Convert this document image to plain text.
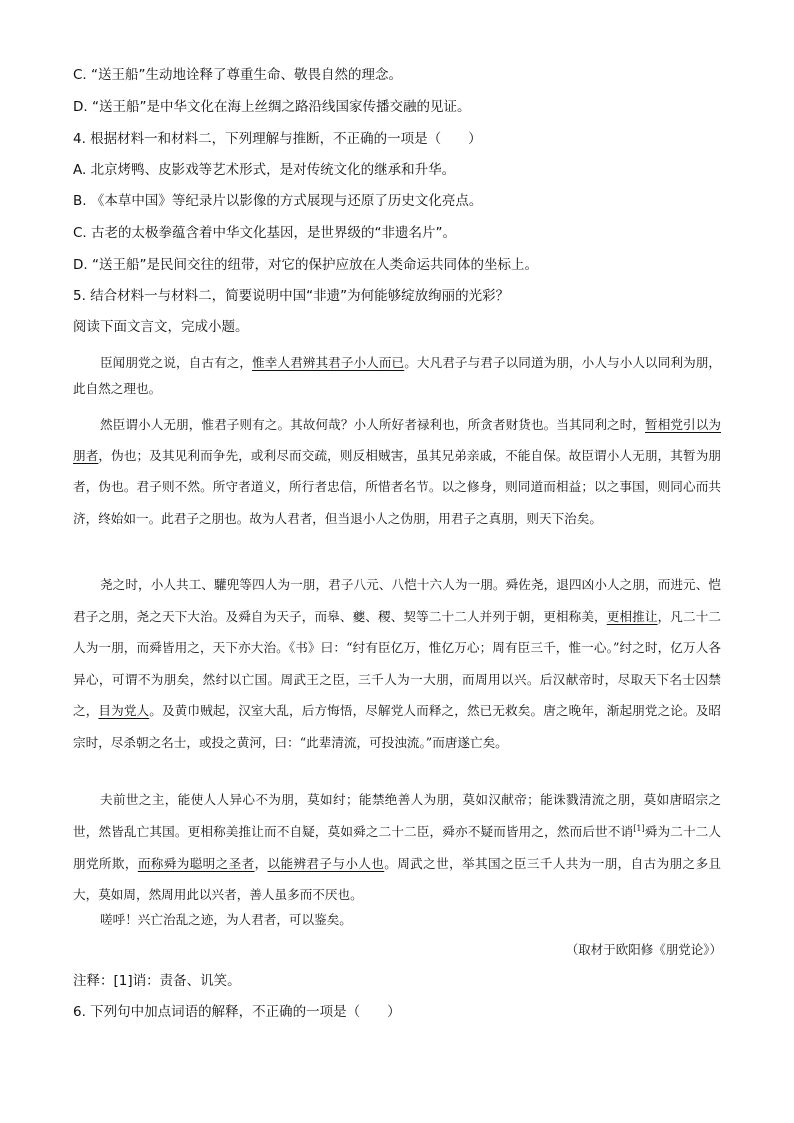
C. “送王船”生动地诠释了尊重生命、敬畏自然的理念。
D. “送王船”是中华文化在海上丝绸之路沿线国家传播交融的见证。
4. 根据材料一和材料二，下列理解与推断，不正确的一项是（　　）
A. 北京烤鸭、皮影戏等艺术形式，是对传统文化的继承和升华。
B. 《本草中国》等纪录片以影像的方式展现与还原了历史文化亮点。
C. 古老的太极拳蕴含着中华文化基因，是世界级的“非遗名片”。
D. “送王船”是民间交往的纽带，对它的保护应放在人类命运共同体的坐标上。
5. 结合材料一与材料二，简要说明中国“非遗”为何能够绽放绚丽的光彩？
阅读下面文言文，完成小题。
臣闻朋党之说，自古有之，惟幸人君辨其君子小人而已。大凡君子与君子以同道为朋，小人与小人以同利为朋，此自然之理也。
然臣谓小人无朋，惟君子则有之。其故何哉？小人所好者禄利也，所贪者财货也。当其同利之时，暂相党引以为朋者，伪也；及其见利而争先，或利尽而交疏，则反相贼害，虽其兄弟亲戚，不能自保。故臣谓小人无朋，其暂为朋者，伪也。君子则不然。所守者道义，所行者忠信，所惜者名节。以之修身，则同道而相益；以之事国，则同心而共济，终始如一。此君子之朋也。故为人君者，但当退小人之伪朋，用君子之真朋，则天下治矣。
尧之时，小人共工、驩兜等四人为一朋，君子八元、八恺十六人为一朋。舜佐尧，退四凶小人之朋，而进元、恺君子之朋，尧之天下大治。及舜自为天子，而皋、夔、稷、契等二十二人并列于朝，更相称美，更相推让，凡二十二人为一朋，而舜皆用之，天下亦大治。《书》曰：“纣有臣亿万，惟亿万心；周有臣三千，惟一心。”纣之时，亿万人各异心，可谓不为朋矣，然纣以亡国。周武王之臣，三千人为一大朋，而周用以兴。后汉献帝时，尽取天下名士囚禁之，目为党人。及黄巾贼起，汉室大乱，后方悔悟，尽解党人而释之，然已无救矣。唐之晚年，渐起朋党之论。及昭宗时，尽杀朝之名士，或投之黄河，曰：“此辈清流，可投浊流。”而唐遂亡矣。
夫前世之主，能使人人异心不为朋，莫如纣；能禁绝善人为朋，莫如汉献帝；能诛戮清流之朋，莫如唐昭宗之世，然皆乱亡其国。更相称美推让而不自疑，莫如舜之二十二臣，舜亦不疑而皆用之，然而后世不诮[1]舜为二十二人朋党所欺，而称舜为聪明之圣者，以能辨君子与小人也。周武之世，举其国之臣三千人共为一朋，自古为朋之多且大，莫如周，然周用此以兴者，善人虽多而不厌也。
嗟呼！兴亡治乱之迹，为人君者，可以鉴矣。
（取材于欧阳修《朋党论》）
注释：[1]诮：责备、讥笑。
6. 下列句中加点词语的解释，不正确的一项是（　　）
